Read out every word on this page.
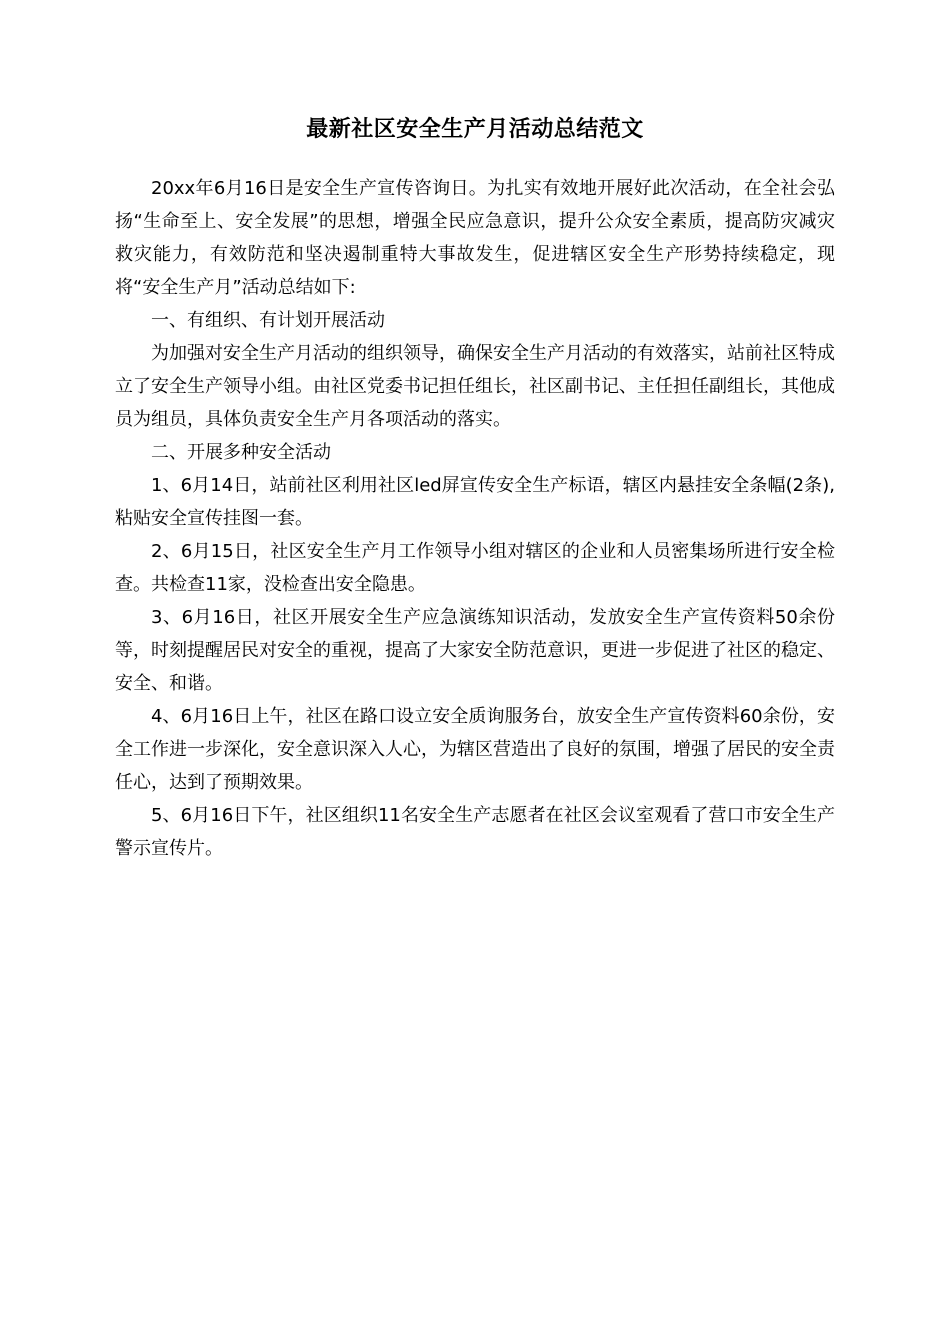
最新社区安全生产月活动总结范文

20xx年6月16日是安全生产宣传咨询日。为扎实有效地开展好此次活动，在全社会弘扬“生命至上、安全发展”的思想，增强全民应急意识，提升公众安全素质，提高防灾减灾救灾能力，有效防范和坚决遏制重特大事故发生，促进辖区安全生产形势持续稳定，现将“安全生产月”活动总结如下:

一、有组织、有计划开展活动

为加强对安全生产月活动的组织领导，确保安全生产月活动的有效落实，站前社区特成立了安全生产领导小组。由社区党委书记担任组长，社区副书记、主任担任副组长，其他成员为组员，具体负责安全生产月各项活动的落实。

二、开展多种安全活动

1、6月14日，站前社区利用社区led屏宣传安全生产标语，辖区内悬挂安全条幅(2条),粘贴安全宣传挂图一套。

2、6月15日，社区安全生产月工作领导小组对辖区的企业和人员密集场所进行安全检查。共检查11家，没检查出安全隐患。

3、6月16日，社区开展安全生产应急演练知识活动，发放安全生产宣传资料50余份等，时刻提醒居民对安全的重视，提高了大家安全防范意识，更进一步促进了社区的稳定、安全、和谐。

4、6月16日上午，社区在路口设立安全质询服务台，放安全生产宣传资料60余份，安全工作进一步深化，安全意识深入人心，为辖区营造出了良好的氛围，增强了居民的安全责任心，达到了预期效果。

5、6月16日下午，社区组织11名安全生产志愿者在社区会议室观看了营口市安全生产警示宣传片。
